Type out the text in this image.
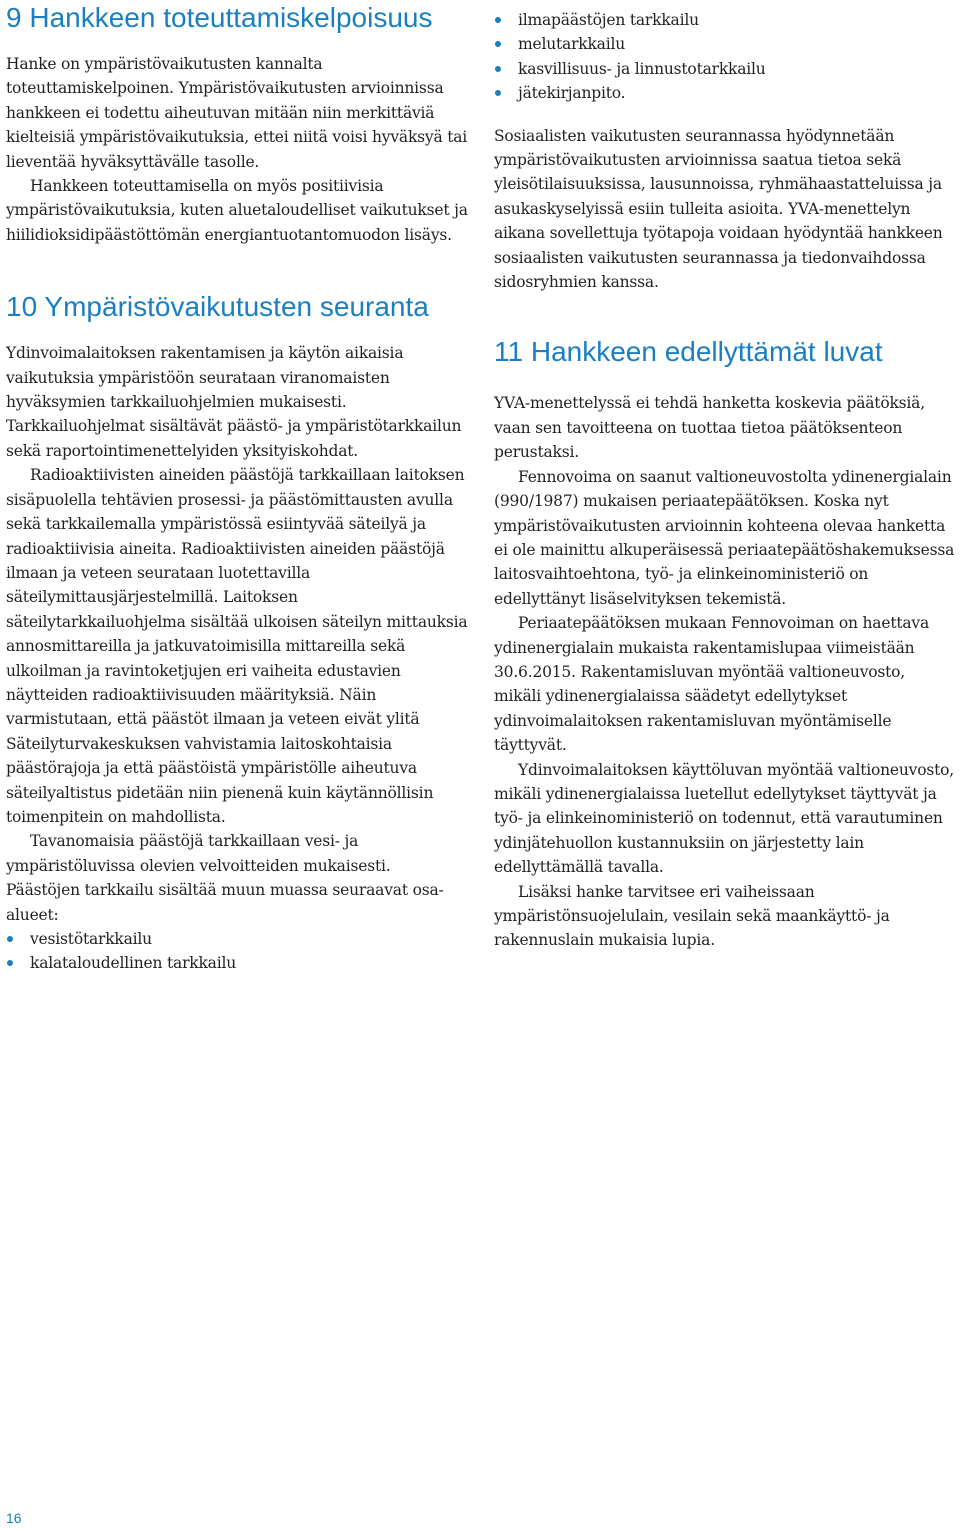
9 Hankkeen toteuttamiskelpoisuus

Hanke on ympäristövaikutusten kannalta toteuttamiskelpoinen. Ympäristövaikutusten arvioinnissa hankkeen ei todettu aiheutuvan mitään niin merkittäviä kielteisiä ympäristövaikutuksia, ettei niitä voisi hyväksyä tai lieventää hyväksyttävälle tasolle.

Hankkeen toteuttamisella on myös positiivisia ympäristövaikutuksia, kuten aluetaloudelliset vaikutukset ja hiilidioksidipäästöttömän energiantuotantomuodon lisäys.

10 Ympäristövaikutusten seuranta

Ydinvoimalaitoksen rakentamisen ja käytön aikaisia vaikutuksia ympäristöön seurataan viranomaisten hyväksymien tarkkailuohjelmien mukaisesti. Tarkkailuohjelmat sisältävät päästö- ja ympäristötarkkailun sekä raportointimenettelyiden yksityiskohdat.

Radioaktiivisten aineiden päästöjä tarkkaillaan laitoksen sisäpuolella tehtävien prosessi- ja päästömittausten avulla sekä tarkkailemalla ympäristössä esiintyvää säteilyä ja radioaktiivisia aineita. Radioaktiivisten aineiden päästöjä ilmaan ja veteen seurataan luotettavilla säteilymittausjärjestelmillä. Laitoksen säteilytarkkailuohjelma sisältää ulkoisen säteilyn mittauksia annosmittareilla ja jatkuvatoimisilla mittareilla sekä ulkoilman ja ravintoketjujen eri vaiheita edustavien näytteiden radioaktiivisuuden määrityksiä. Näin varmistutaan, että päästöt ilmaan ja veteen eivät ylitä Säteilyturvakeskuksen vahvistamia laitoskohtaisia päästörajoja ja että päästöistä ympäristölle aiheutuva säteilyaltistus pidetään niin pienenä kuin käytännöllisin toimenpitein on mahdollista.

Tavanomaisia päästöjä tarkkaillaan vesi- ja ympäristöluvissa olevien velvoitteiden mukaisesti. Päästöjen tarkkailu sisältää muun muassa seuraavat osa-alueet:

vesistötarkkailu
kalataloudellinen tarkkailu
ilmapäästöjen tarkkailu
melutarkkailu
kasvillisuus- ja linnustotarkkailu
jätekirjanpito.

Sosiaalisten vaikutusten seurannassa hyödynnetään ympäristövaikutusten arvioinnissa saatua tietoa sekä yleisötilaisuuksissa, lausunnoissa, ryhmähaastatteluissa ja asukaskyselyissä esiin tulleita asioita. YVA-menettelyn aikana sovellettuja työtapoja voidaan hyödyntää hankkeen sosiaalisten vaikutusten seurannassa ja tiedonvaihdossa sidosryhmien kanssa.

11 Hankkeen edellyttämät luvat

YVA-menettelyssä ei tehdä hanketta koskevia päätöksiä, vaan sen tavoitteena on tuottaa tietoa päätöksenteon perustaksi.

Fennovoima on saanut valtioneuvostolta ydinenergialain (990/1987) mukaisen periaatepäätöksen. Koska nyt ympäristövaikutusten arvioinnin kohteena olevaa hanketta ei ole mainittu alkuperäisessä periaatepäätöshakemuksessa laitosvaihtoehtona, työ- ja elinkeinoministeriö on edellyttänyt lisäselvityksen tekemistä.

Periaatepäätöksen mukaan Fennovoiman on haettava ydinenergialain mukaista rakentamislupaa viimeistään 30.6.2015. Rakentamisluvan myöntää valtioneuvosto, mikäli ydinenergialaissa säädetyt edellytykset ydinvoimalaitoksen rakentamisluvan myöntämiselle täyttyvät.

Ydinvoimalaitoksen käyttöluvan myöntää valtioneuvosto, mikäli ydinenergialaissa luetellut edellytykset täyttyvät ja työ- ja elinkeinoministeriö on todennut, että varautuminen ydinjätehuollon kustannuksiin on järjestetty lain edellyttämällä tavalla.

Lisäksi hanke tarvitsee eri vaiheissaan ympäristönsuojelulain, vesilain sekä maankäyttö- ja rakennuslain mukaisia lupia.

16
